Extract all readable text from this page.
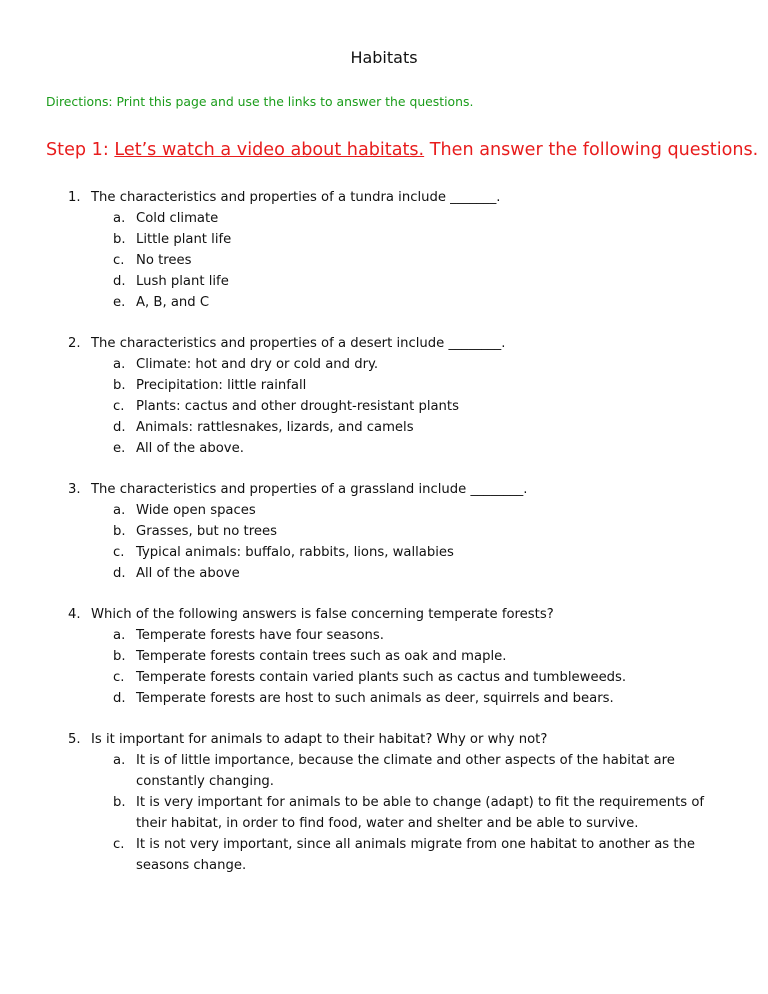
Habitats
Directions: Print this page and use the links to answer the questions.
Step 1: Let’s watch a video about habitats. Then answer the following questions.
1. The characteristics and properties of a tundra include _______.
a. Cold climate
b. Little plant life
c. No trees
d. Lush plant life
e. A, B, and C
2. The characteristics and properties of a desert include ________.
a. Climate: hot and dry or cold and dry.
b. Precipitation: little rainfall
c. Plants: cactus and other drought-resistant plants
d. Animals: rattlesnakes, lizards, and camels
e. All of the above.
3. The characteristics and properties of a grassland include ________.
a. Wide open spaces
b. Grasses, but no trees
c. Typical animals: buffalo, rabbits, lions, wallabies
d. All of the above
4. Which of the following answers is false concerning temperate forests?
a. Temperate forests have four seasons.
b. Temperate forests contain trees such as oak and maple.
c. Temperate forests contain varied plants such as cactus and tumbleweeds.
d. Temperate forests are host to such animals as deer, squirrels and bears.
5. Is it important for animals to adapt to their habitat? Why or why not?
a. It is of little importance, because the climate and other aspects of the habitat are constantly changing.
b. It is very important for animals to be able to change (adapt) to fit the requirements of their habitat, in order to find food, water and shelter and be able to survive.
c. It is not very important, since all animals migrate from one habitat to another as the seasons change.
